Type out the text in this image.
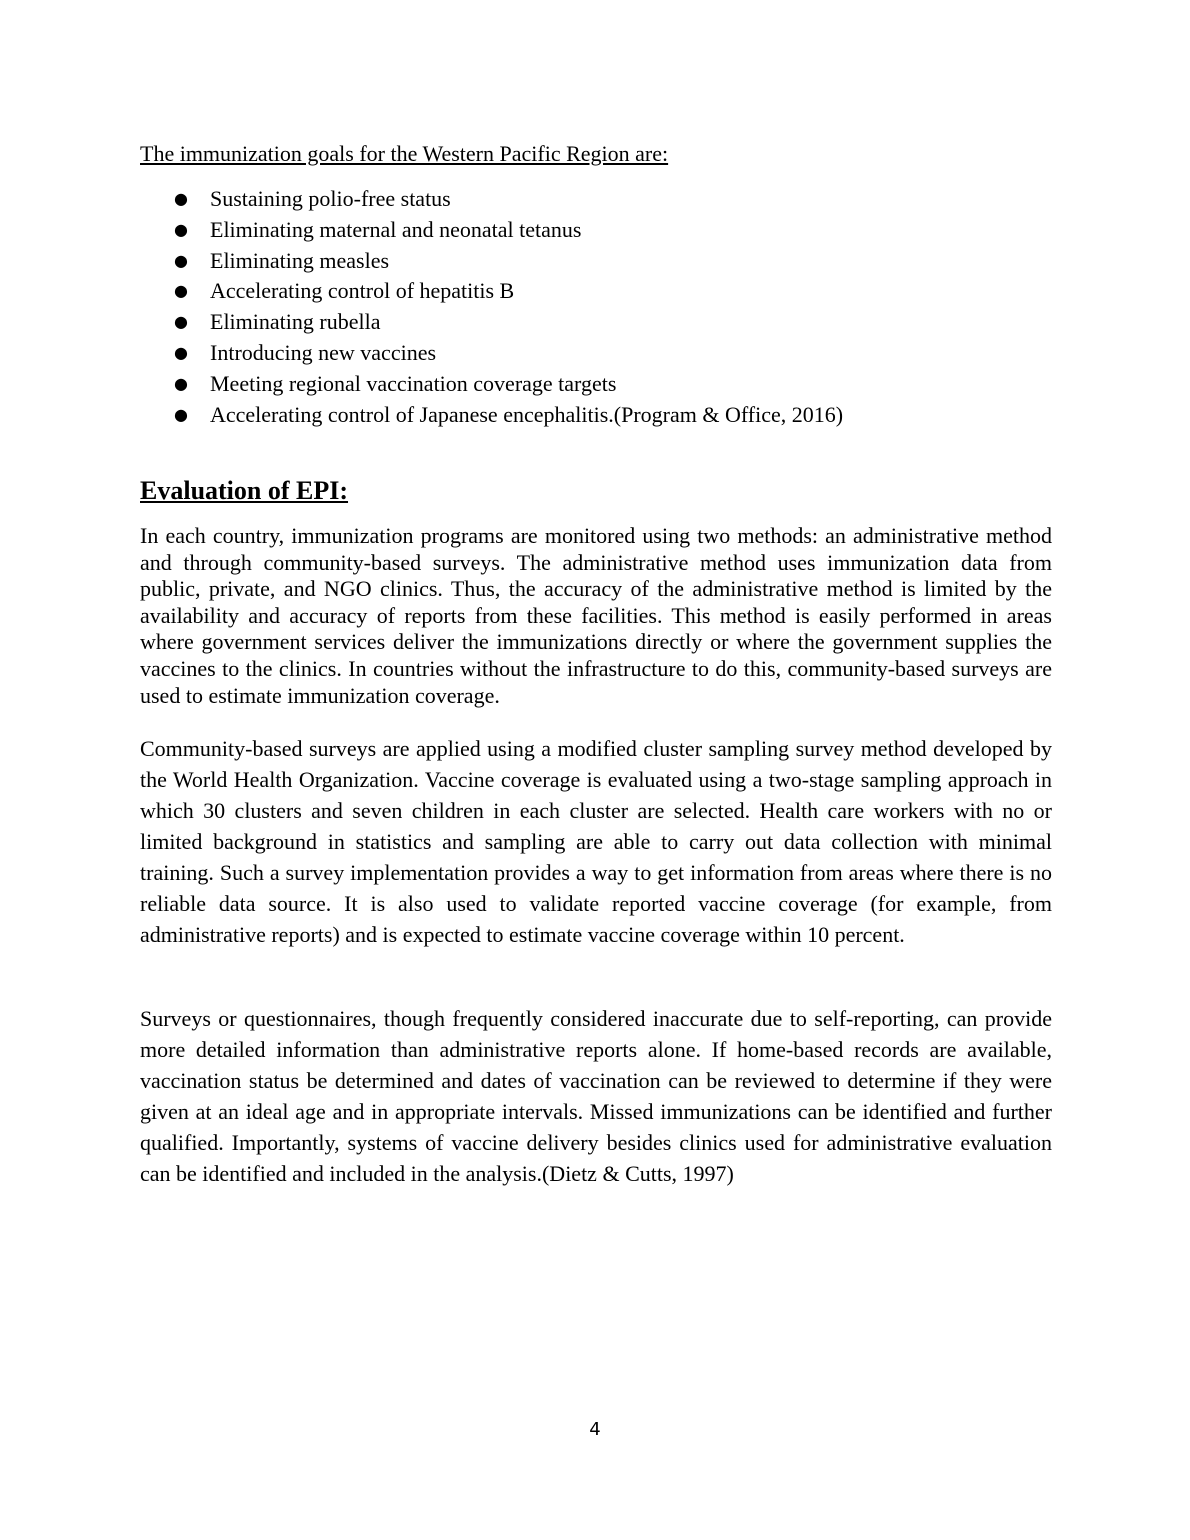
The immunization goals for the Western Pacific Region are:

● Sustaining polio-free status
● Eliminating maternal and neonatal tetanus
● Eliminating measles
● Accelerating control of hepatitis B
● Eliminating rubella
● Introducing new vaccines
● Meeting regional vaccination coverage targets
● Accelerating control of Japanese encephalitis.(Program & Office, 2016)
Evaluation of EPI:

In each country, immunization programs are monitored using two methods: an administrative method and through community-based surveys. The administrative method uses immunization data from public, private, and NGO clinics. Thus, the accuracy of the administrative method is limited by the availability and accuracy of reports from these facilities. This method is easily performed in areas where government services deliver the immunizations directly or where the government supplies the vaccines to the clinics. In countries without the infrastructure to do this, community-based surveys are used to estimate immunization coverage.

Community-based surveys are applied using a modified cluster sampling survey method developed by the World Health Organization. Vaccine coverage is evaluated using a two-stage sampling approach in which 30 clusters and seven children in each cluster are selected. Health care workers with no or limited background in statistics and sampling are able to carry out data collection with minimal training. Such a survey implementation provides a way to get information from areas where there is no reliable data source. It is also used to validate reported vaccine coverage (for example, from administrative reports) and is expected to estimate vaccine coverage within 10 percent.

Surveys or questionnaires, though frequently considered inaccurate due to self-reporting, can provide more detailed information than administrative reports alone. If home-based records are available, vaccination status be determined and dates of vaccination can be reviewed to determine if they were given at an ideal age and in appropriate intervals. Missed immunizations can be identified and further qualified. Importantly, systems of vaccine delivery besides clinics used for administrative evaluation can be identified and included in the analysis.(Dietz & Cutts, 1997)

4
